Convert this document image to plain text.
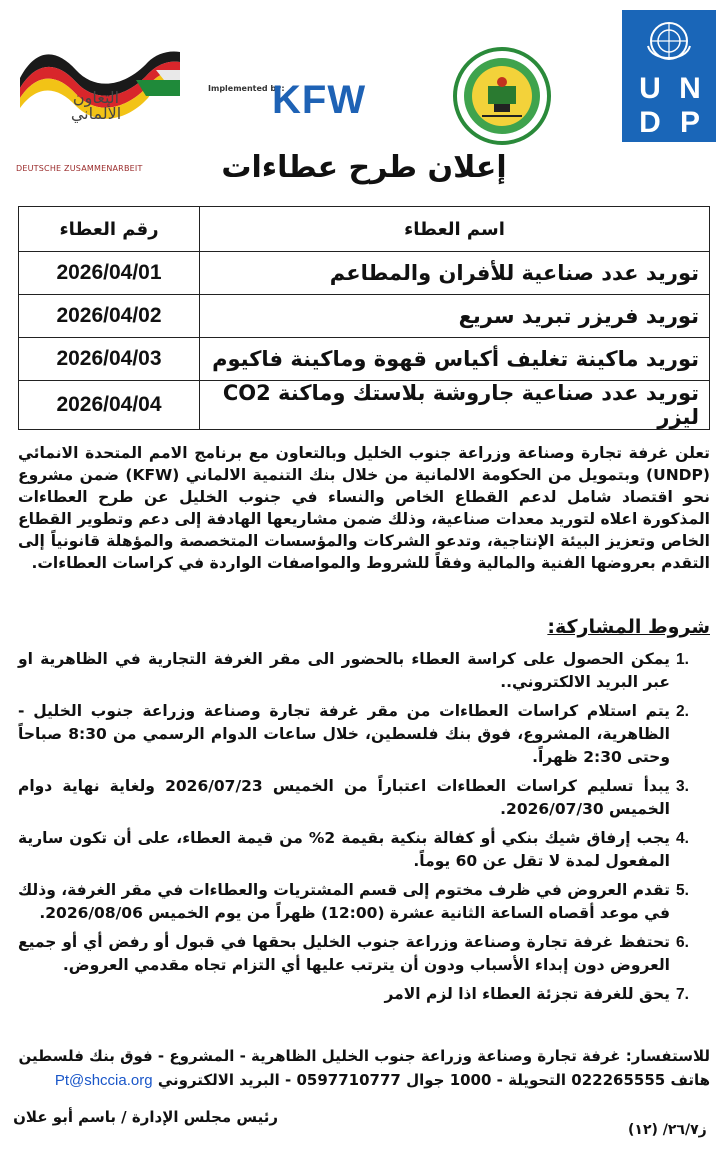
التعاون الألماني
DEUTSCHE ZUSAMMENARBEIT
Implemented by:
KFW	U N
D P
إعلان طرح عطاءات
اسم العطاء	رقم العطاء
توريد عدد صناعية للأفران والمطاعم	2026/04/01
توريد فريزر تبريد سريع	2026/04/02
توريد ماكينة تغليف أكياس قهوة وماكينة فاكيوم	2026/04/03
توريد عدد صناعية جاروشة بلاستك وماكنة CO2 ليزر	2026/04/04
تعلن غرفة تجارة وصناعة وزراعة جنوب الخليل وبالتعاون مع برنامج الامم المتحدة الانمائي (UNDP) وبتمويل من الحكومة الالمانية من خلال بنك التنمية الالماني (KFW) ضمن مشروع نحو اقتصاد شامل لدعم القطاع الخاص والنساء في جنوب الخليل عن طرح العطاءات المذكورة اعلاه لتوريد معدات صناعية، وذلك ضمن مشاريعها الهادفة إلى دعم وتطوير القطاع الخاص وتعزيز البيئة الإنتاجية، وتدعو الشركات والمؤسسات المتخصصة والمؤهلة قانونياً إلى التقدم بعروضها الفنية والمالية وفقاً للشروط والمواصفات الواردة في كراسات العطاءات.
شروط المشاركة:
1.
يمكن الحصول على كراسة العطاء بالحضور الى مقر الغرفة التجارية في الظاهرية او عبر البريد الالكتروني..
2.
يتم استلام كراسات العطاءات من مقر غرفة تجارة وصناعة وزراعة جنوب الخليل - الظاهرية، المشروع، فوق بنك فلسطين، خلال ساعات الدوام الرسمي من 8:30 صباحاً وحتى 2:30 ظهراً.
3.
يبدأ تسليم كراسات العطاءات اعتباراً من الخميس 2026/07/23 ولغاية نهاية دوام الخميس 2026/07/30.
4.
يجب إرفاق شيك بنكي أو كفالة بنكية بقيمة 2% من قيمة العطاء، على أن تكون سارية المفعول لمدة لا تقل عن 60 يوماً.
5.
تقدم العروض في ظرف مختوم إلى قسم المشتريات والعطاءات في مقر الغرفة، وذلك في موعد أقصاه الساعة الثانية عشرة (12:00) ظهراً من يوم الخميس 2026/08/06.
6.
تحتفظ غرفة تجارة وصناعة وزراعة جنوب الخليل بحقها في قبول أو رفض أي أو جميع العروض دون إبداء الأسباب ودون أن يترتب عليها أي التزام تجاه مقدمي العروض.
7.
يحق للغرفة تجزئة العطاء اذا لزم الامر
للاستفسار: غرفة تجارة وصناعة وزراعة جنوب الخليل الظاهرية - المشروع - فوق بنك فلسطين
هاتف 022265555 التحويلة - 1000 جوال 0597710777 - البريد الالكتروني Pt@shccia.org
رئيس مجلس الإدارة / باسم أبو علان
ز٢٦/٧/ (١٢)
